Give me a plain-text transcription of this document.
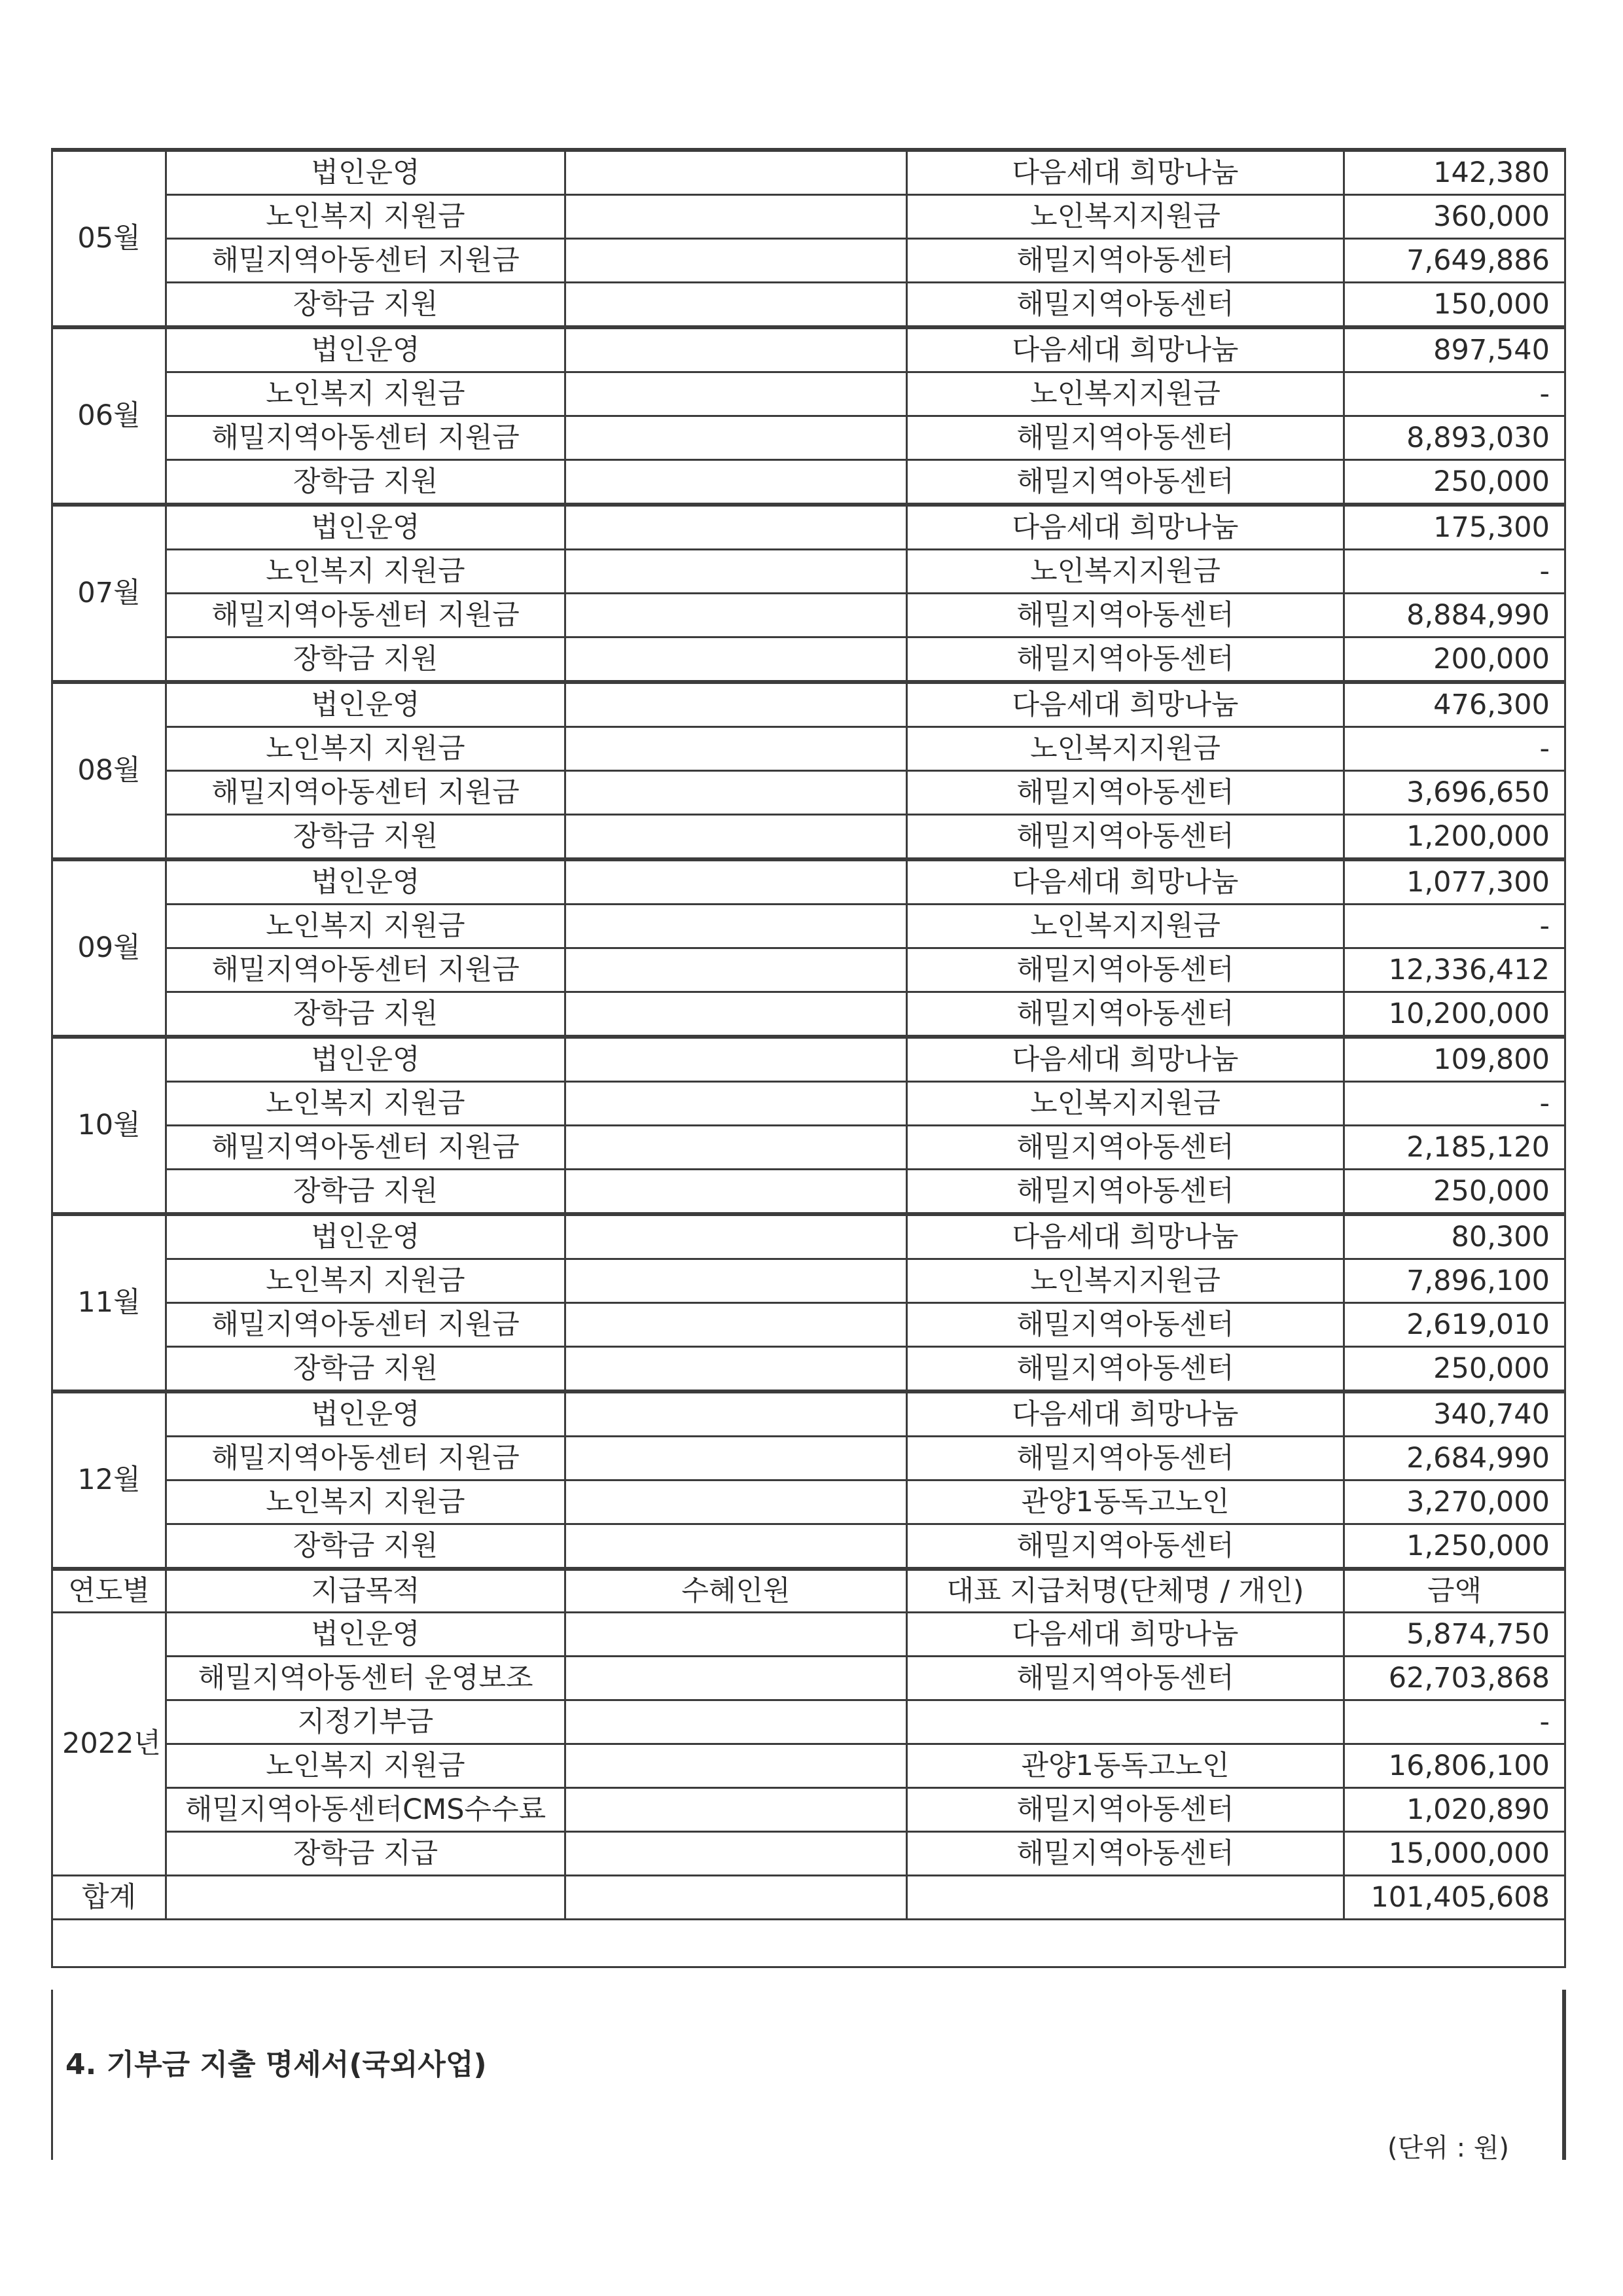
05월	법인운영		다음세대 희망나눔	142,380
	노인복지 지원금		노인복지지원금	360,000
	해밀지역아동센터 지원금		해밀지역아동센터	7,649,886
	장학금 지원		해밀지역아동센터	150,000
06월	법인운영		다음세대 희망나눔	897,540
	노인복지 지원금		노인복지지원금	-
	해밀지역아동센터 지원금		해밀지역아동센터	8,893,030
	장학금 지원		해밀지역아동센터	250,000
07월	법인운영		다음세대 희망나눔	175,300
	노인복지 지원금		노인복지지원금	-
	해밀지역아동센터 지원금		해밀지역아동센터	8,884,990
	장학금 지원		해밀지역아동센터	200,000
08월	법인운영		다음세대 희망나눔	476,300
	노인복지 지원금		노인복지지원금	-
	해밀지역아동센터 지원금		해밀지역아동센터	3,696,650
	장학금 지원		해밀지역아동센터	1,200,000
09월	법인운영		다음세대 희망나눔	1,077,300
	노인복지 지원금		노인복지지원금	-
	해밀지역아동센터 지원금		해밀지역아동센터	12,336,412
	장학금 지원		해밀지역아동센터	10,200,000
10월	법인운영		다음세대 희망나눔	109,800
	노인복지 지원금		노인복지지원금	-
	해밀지역아동센터 지원금		해밀지역아동센터	2,185,120
	장학금 지원		해밀지역아동센터	250,000
11월	법인운영		다음세대 희망나눔	80,300
	노인복지 지원금		노인복지지원금	7,896,100
	해밀지역아동센터 지원금		해밀지역아동센터	2,619,010
	장학금 지원		해밀지역아동센터	250,000
12월	법인운영		다음세대 희망나눔	340,740
	해밀지역아동센터 지원금		해밀지역아동센터	2,684,990
	노인복지 지원금		관양1동독고노인	3,270,000
	장학금 지원		해밀지역아동센터	1,250,000
연도별	지급목적	수혜인원	대표 지급처명(단체명 / 개인)	금액
2022년	법인운영		다음세대 희망나눔	5,874,750
	해밀지역아동센터 운영보조		해밀지역아동센터	62,703,868
	지정기부금			-
	노인복지 지원금		관양1동독고노인	16,806,100
	해밀지역아동센터CMS수수료		해밀지역아동센터	1,020,890
	장학금 지급		해밀지역아동센터	15,000,000
합계				101,405,608

4. 기부금 지출 명세서(국외사업)
(단위 : 원)
